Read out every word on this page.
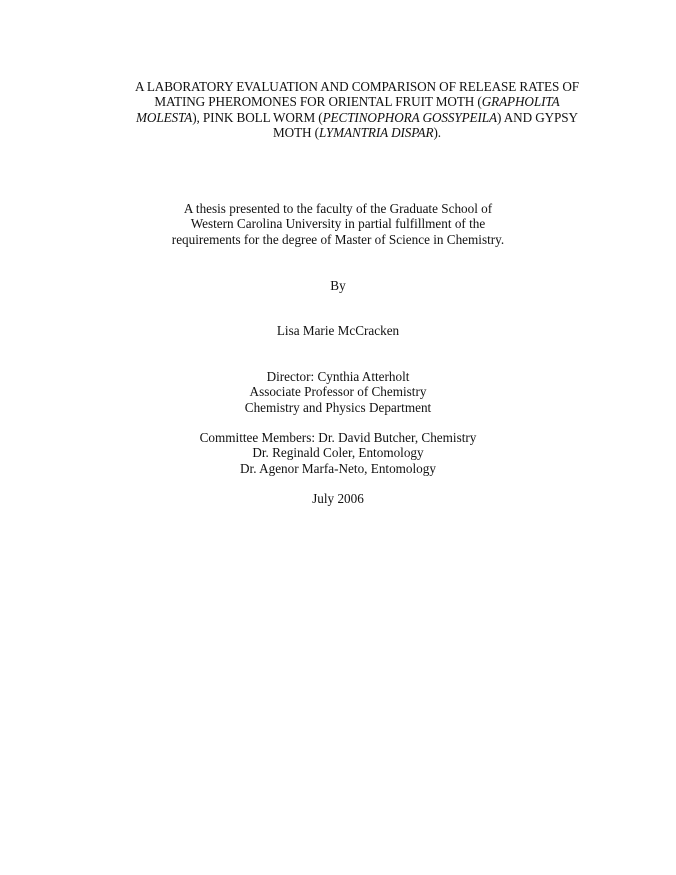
A LABORATORY EVALUATION AND COMPARISON OF RELEASE RATES OF
MATING PHEROMONES FOR ORIENTAL FRUIT MOTH (GRAPHOLITA
MOLESTA), PINK BOLL WORM (PECTINOPHORA GOSSYPEILA) AND GYPSY
MOTH (LYMANTRIA DISPAR).
A thesis presented to the faculty of the Graduate School of
Western Carolina University in partial fulfillment of the
requirements for the degree of Master of Science in Chemistry.
By
Lisa Marie McCracken
Director: Cynthia Atterholt
Associate Professor of Chemistry
Chemistry and Physics Department
Committee Members: Dr. David Butcher, Chemistry
Dr. Reginald Coler, Entomology
Dr. Agenor Marfa-Neto, Entomology
July 2006
